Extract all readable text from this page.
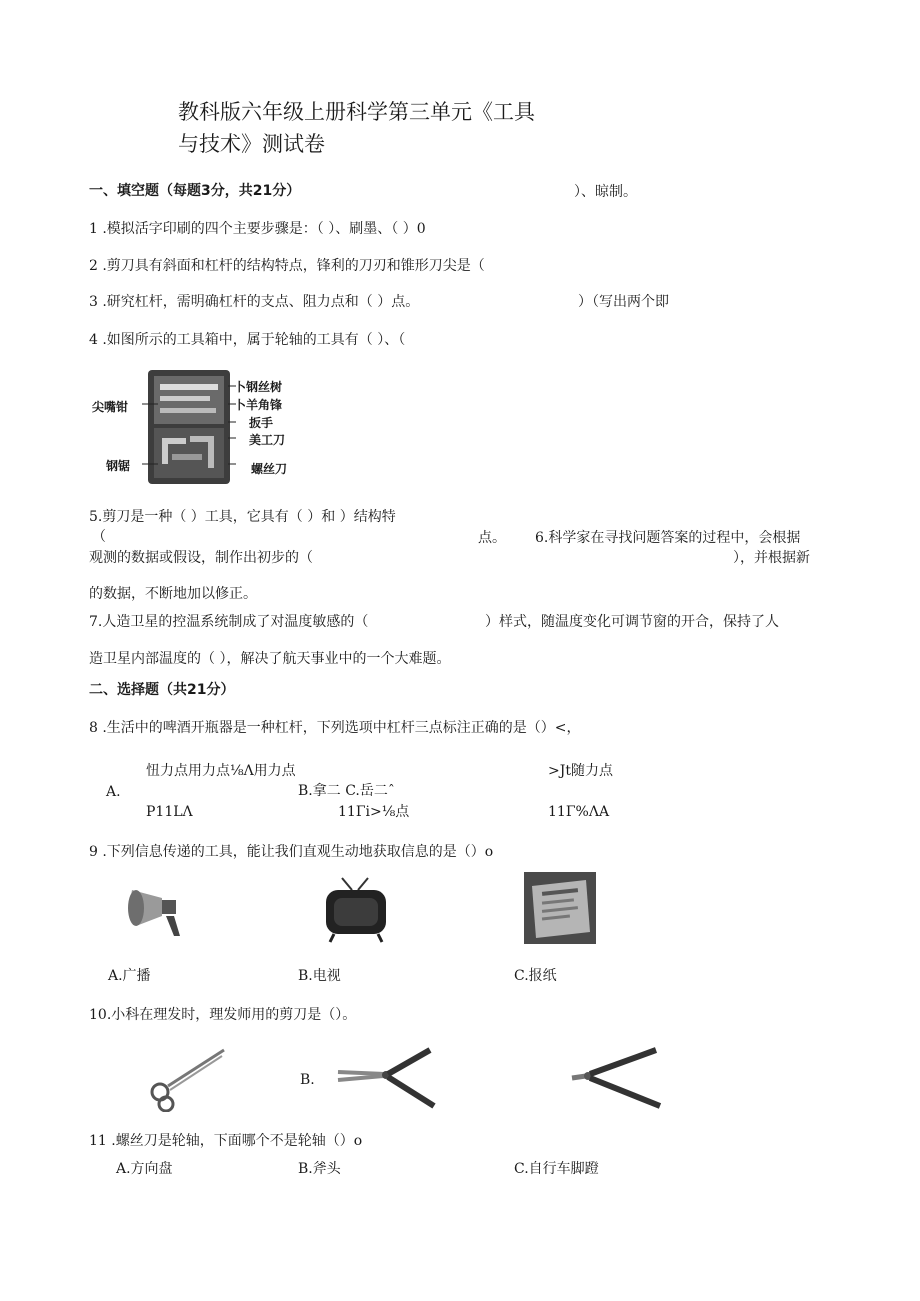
教科版六年级上册科学第三单元《工具
与技术》测试卷
一、填空题（每题3分，共21分）	）、晾制。
1 .模拟活字印刷的四个主要步骤是：（ ）、刷墨、（ ）0
2 .剪刀具有斜面和杠杆的结构特点，锋利的刀刃和锥形刀尖是（
3 .研究杠杆，需明确杠杆的支点、阻力点和（ ）点。	）（写出两个即
4 .如图所示的工具箱中，属于轮轴的工具有（ ）、（
尖嘴钳
钢锯
卜钢丝树
卜羊角锋
扳手
美工刀
螺丝刀
5.剪刀是一种（ ）工具，它具有（ ）和 ）结构特
（	点。 6.科学家在寻找问题答案的过程中，会根据
观测的数据或假设，制作出初步的（	），并根据新
的数据，不断地加以修正。
7.人造卫星的控温系统制成了对温度敏感的（	）样式，随温度变化可调节窗的开合，保持了人
造卫星内部温度的（ ），解决了航天事业中的一个大难题。
二、选择题（共21分）
8 .生活中的啤酒开瓶器是一种杠杆，下列选项中杠杆三点标注正确的是（）<，
忸力点用力点⅛Λ用力点	>Jt随力点
A.	B.拿二 C.岳二ˆ
P11LΛ	11Γi>⅛点	11Γ%ΛA
9 .下列信息传递的工具，能让我们直观生动地获取信息的是（）o
A.广播	B.电视	C.报纸
10.小科在理发时，理发师用的剪刀是（）。
B.
11 .螺丝刀是轮轴，下面哪个不是轮轴（）o
A.方向盘	B.斧头	C.自行车脚蹬
